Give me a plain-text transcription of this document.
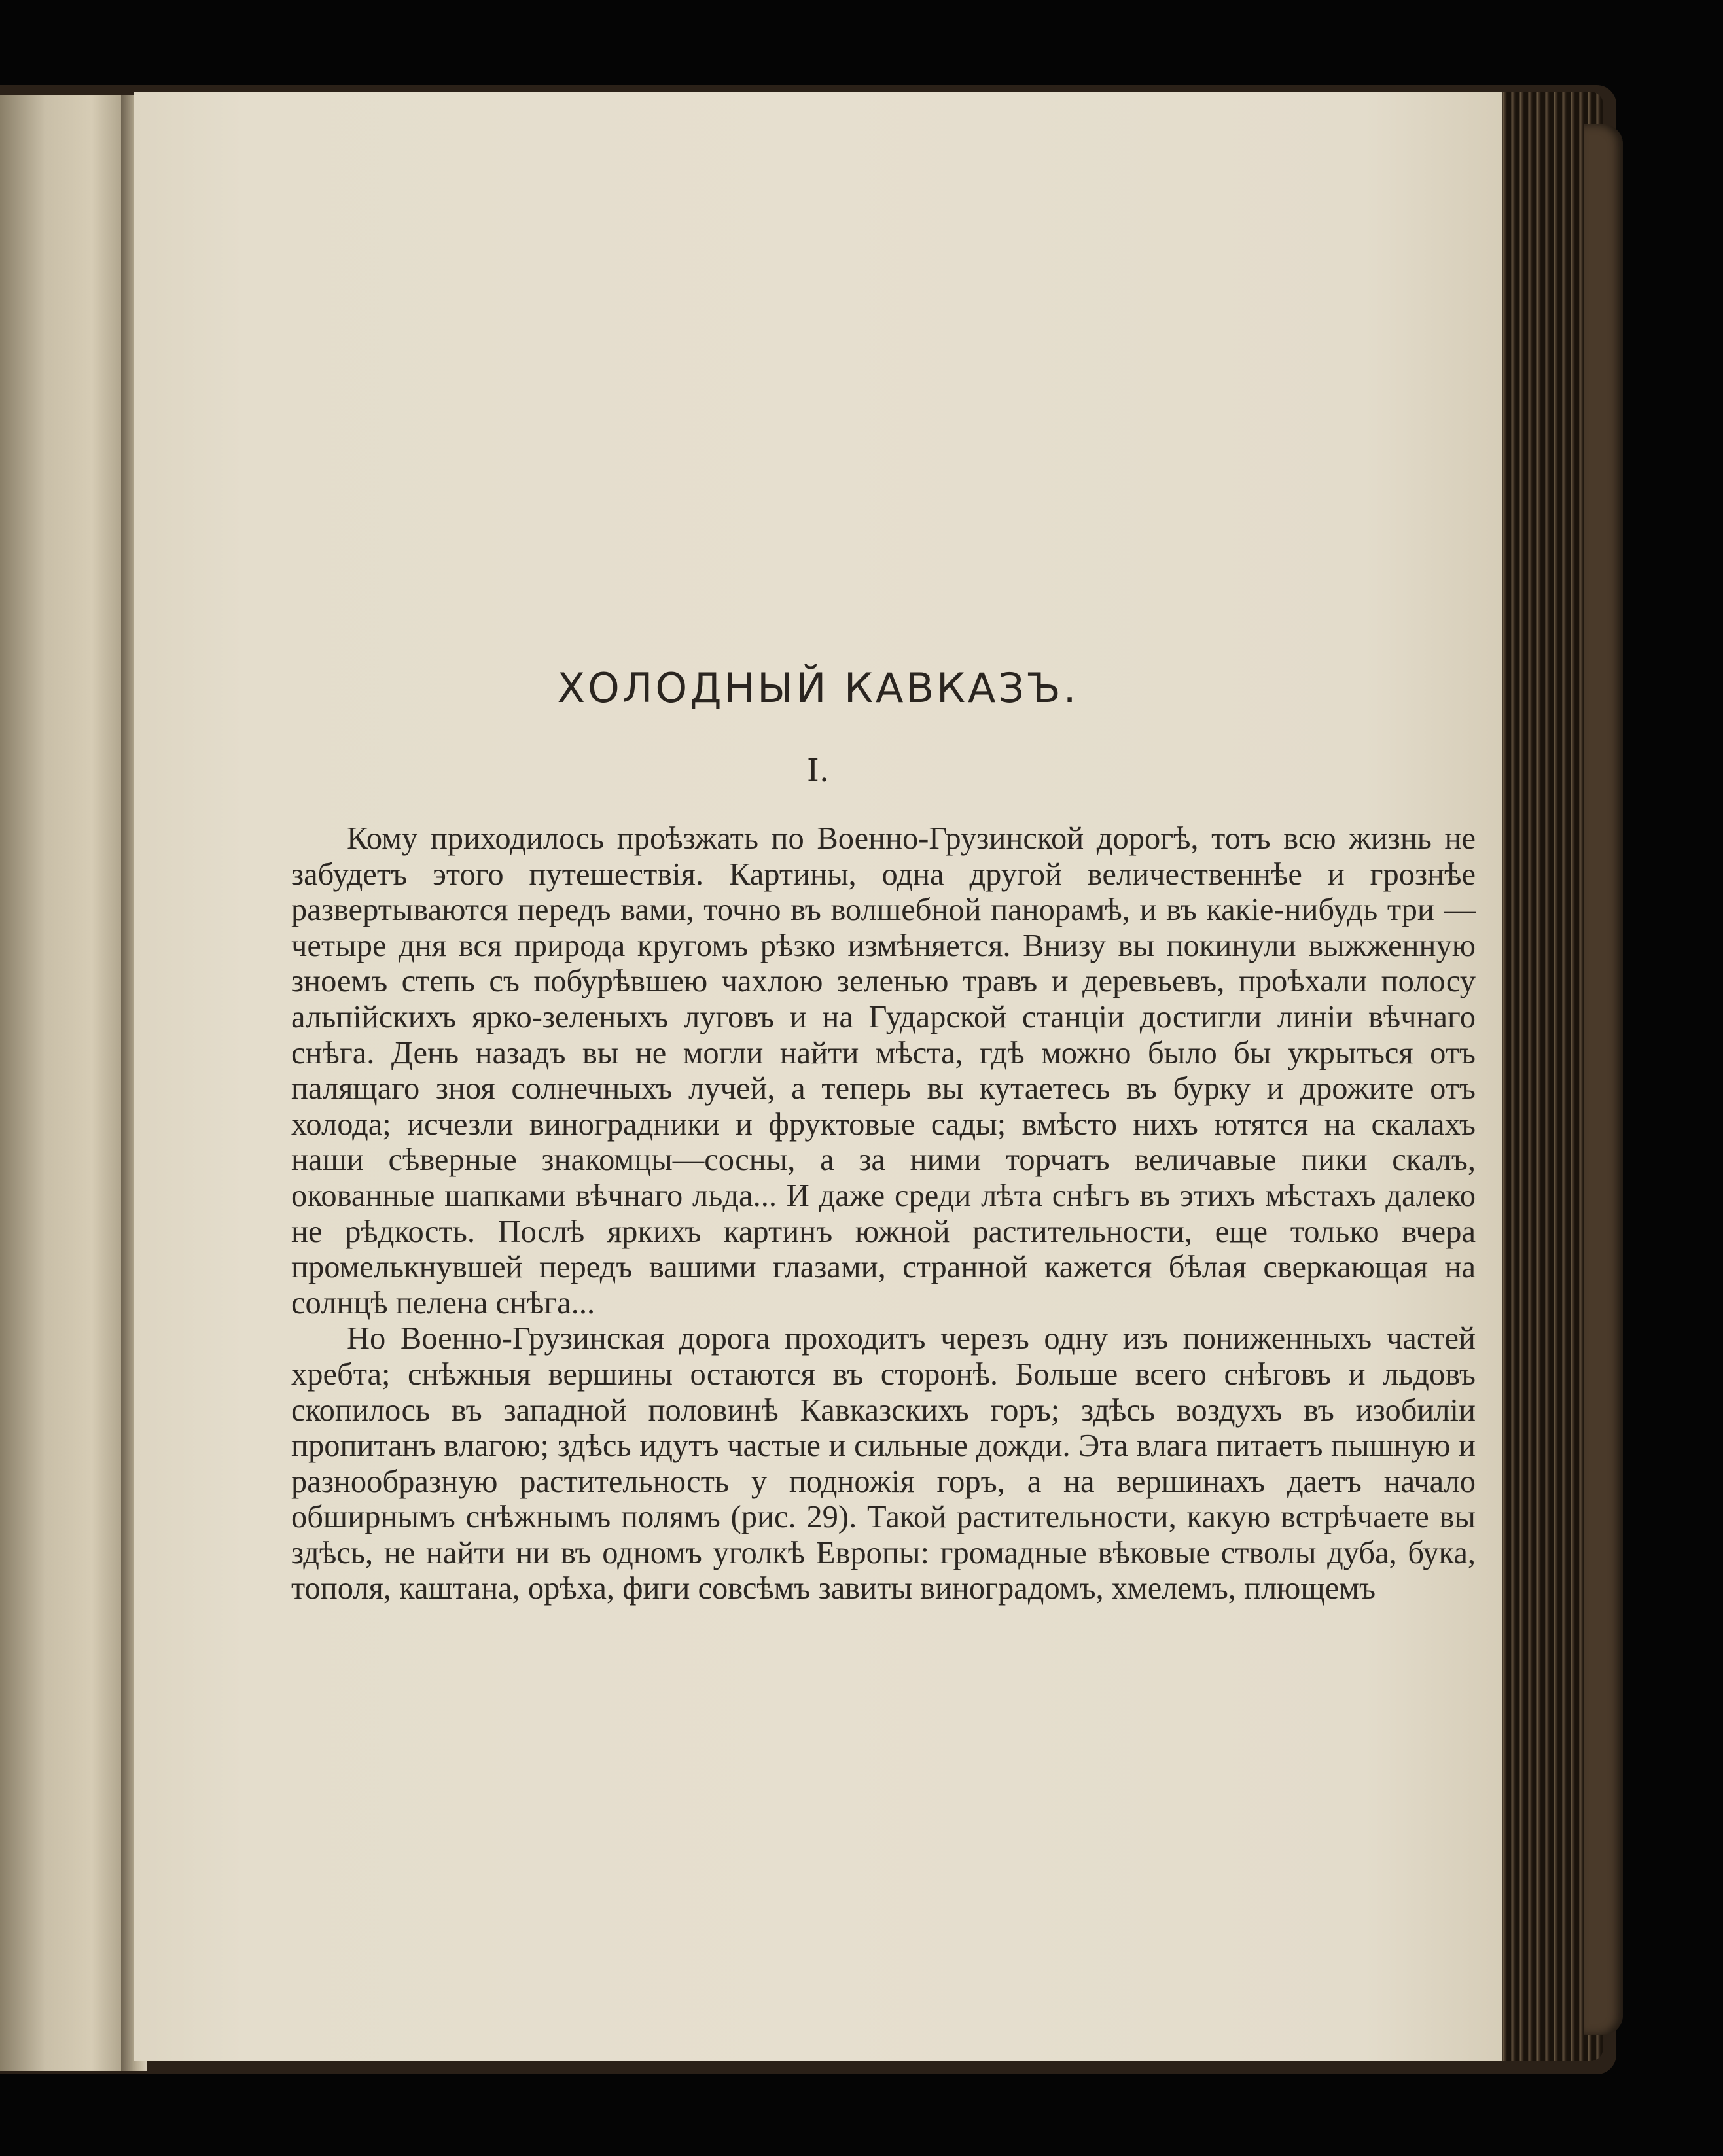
ХОЛОДНЫЙ КАВКАЗЪ.
I.

Кому приходилось проѣзжать по Военно-Грузинской дорогѣ, тотъ всю жизнь не забудетъ этого путешествія. Картины, одна другой величественнѣе и грознѣе развертываются передъ вами, точно въ волшебной панорамѣ, и въ какіе-нибудь три — четыре дня вся природа кругомъ рѣзко измѣняется. Внизу вы покинули выжженную зноемъ степь съ побурѣвшею чахлою зеленью травъ и деревьевъ, проѣхали полосу альпійскихъ ярко-зеленыхъ луговъ и на Гударской станціи достигли линіи вѣчнаго снѣга. День назадъ вы не могли найти мѣста, гдѣ можно было бы укрыться отъ палящаго зноя солнечныхъ лучей, а теперь вы кутаетесь въ бурку и дрожите отъ холода; исчезли виноградники и фруктовые сады; вмѣсто нихъ ютятся на скалахъ наши сѣверные знакомцы—сосны, а за ними торчатъ величавые пики скалъ, окованные шапками вѣчнаго льда... И даже среди лѣта снѣгъ въ этихъ мѣстахъ далеко не рѣдкость. Послѣ яркихъ картинъ южной растительности, еще только вчера промелькнувшей передъ вашими глазами, странной кажется бѣлая сверкающая на солнцѣ пелена снѣга...

Но Военно-Грузинская дорога проходитъ черезъ одну изъ пониженныхъ частей хребта; снѣжныя вершины остаются въ сторонѣ. Больше всего снѣговъ и льдовъ скопилось въ западной половинѣ Кавказскихъ горъ; здѣсь воздухъ въ изобиліи пропитанъ влагою; здѣсь идутъ частые и сильные дожди. Эта влага питаетъ пышную и разнообразную растительность у подножія горъ, а на вершинахъ даетъ начало обширнымъ снѣжнымъ полямъ (рис. 29). Такой растительности, какую встрѣчаете вы здѣсь, не найти ни въ одномъ уголкѣ Европы: громадные вѣковые стволы дуба, бука, тополя, каштана, орѣха, фиги совсѣмъ завиты виноградомъ, хмелемъ, плющемъ
